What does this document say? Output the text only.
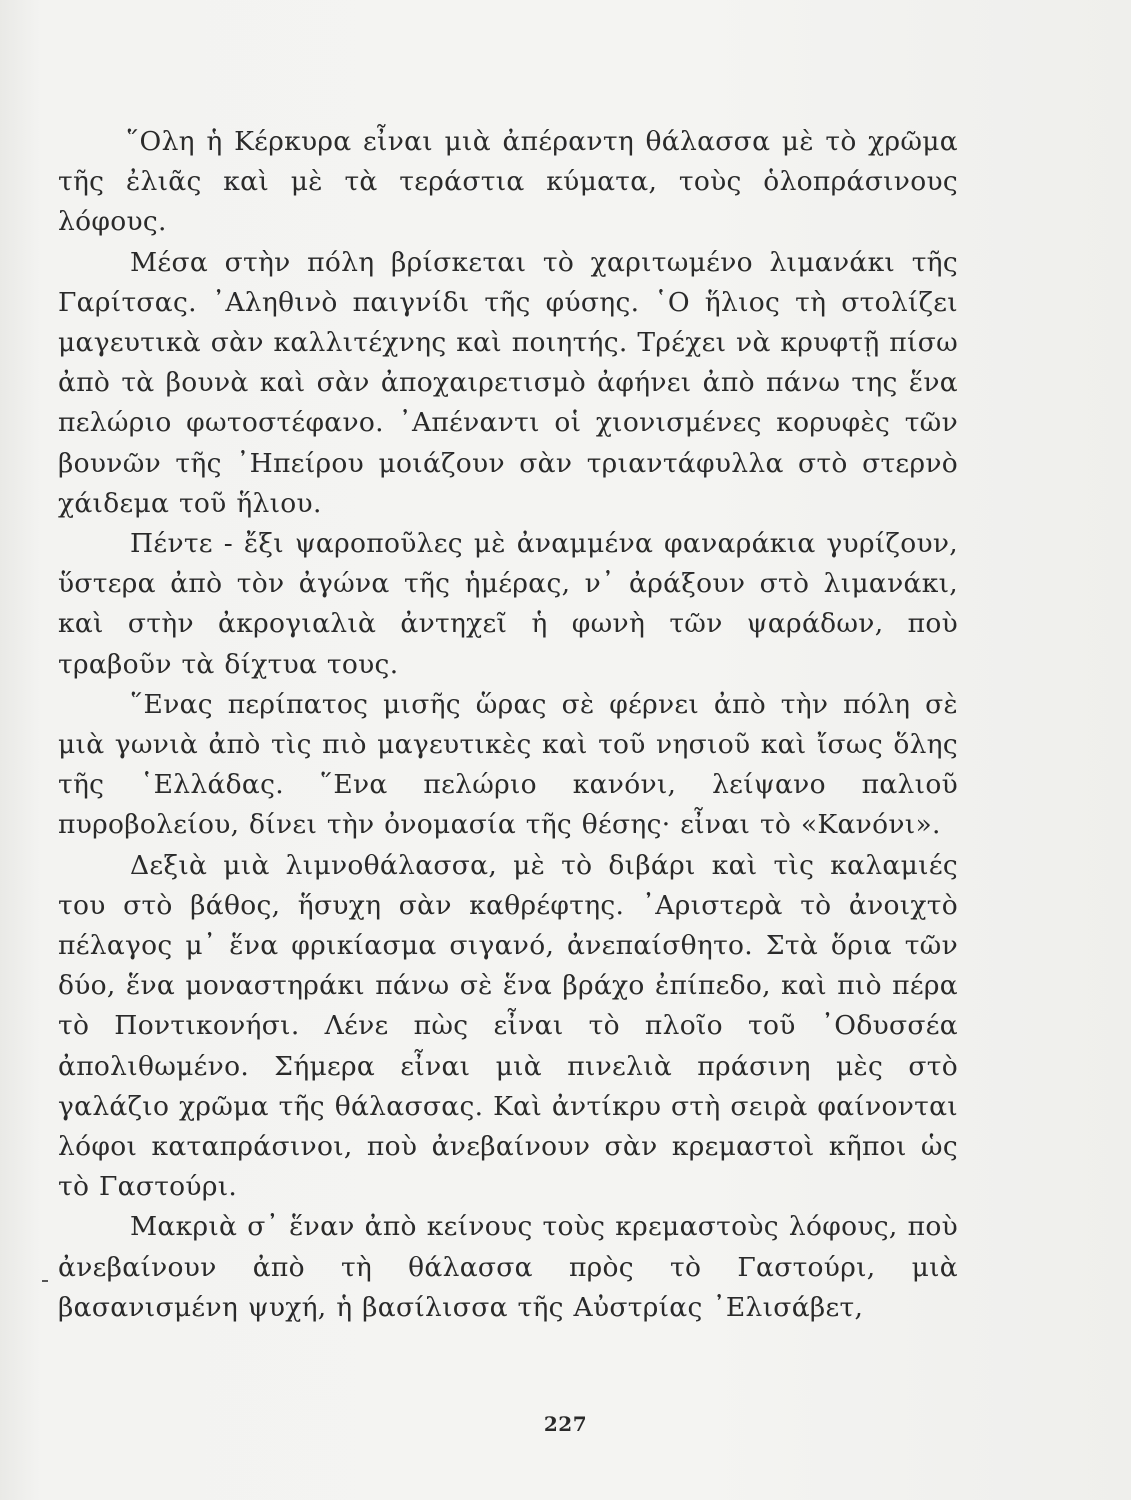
῞Ολη ἡ Κέρκυρα εἶναι μιὰ ἀπέραντη θάλασσα μὲ τὸ χρῶμα τῆς ἐλιᾶς καὶ μὲ τὰ τεράστια κύματα, τοὺς ὁλοπράσινους λόφους.

Μέσα στὴν πόλη βρίσκεται τὸ χαριτωμένο λιμανάκι τῆς Γαρίτσας. ᾿Αληθινὸ παιγνίδι τῆς φύσης. ῾Ο ἥλιος τὴ στολίζει μαγευτικὰ σὰν καλλιτέχνης καὶ ποιητής. Τρέχει νὰ κρυφτῇ πίσω ἀπὸ τὰ βουνὰ καὶ σὰν ἀποχαιρετισμὸ ἀφήνει ἀπὸ πάνω της ἕνα πελώριο φωτοστέφανο. ᾿Απέναντι οἱ χιονισμένες κορυφὲς τῶν βουνῶν τῆς ᾿Ηπείρου μοιάζουν σὰν τριαντάφυλλα στὸ στερνὸ χάιδεμα τοῦ ἥλιου.

Πέντε - ἔξι ψαροποῦλες μὲ ἀναμμένα φαναράκια γυρίζουν, ὕστερα ἀπὸ τὸν ἀγώνα τῆς ἡμέρας, ν᾿ ἀράξουν στὸ λιμανάκι, καὶ στὴν ἀκρογιαλιὰ ἀντηχεῖ ἡ φωνὴ τῶν ψαράδων, ποὺ τραβοῦν τὰ δίχτυα τους.

῞Ενας περίπατος μισῆς ὥρας σὲ φέρνει ἀπὸ τὴν πόλη σὲ μιὰ γωνιὰ ἀπὸ τὶς πιὸ μαγευτικὲς καὶ τοῦ νησιοῦ καὶ ἴσως ὅλης τῆς ῾Ελλάδας. ῞Ενα πελώριο κανόνι, λείψανο παλιοῦ πυροβολείου, δίνει τὴν ὀνομασία τῆς θέσης· εἶναι τὸ «Κανόνι».

Δεξιὰ μιὰ λιμνοθάλασσα, μὲ τὸ διβάρι καὶ τὶς καλαμιές του στὸ βάθος, ἥσυχη σὰν καθρέφτης. ᾿Αριστερὰ τὸ ἀνοιχτὸ πέλαγος μ᾿ ἕνα φρικίασμα σιγανό, ἀνεπαίσθητο. Στὰ ὅρια τῶν δύο, ἕνα μοναστηράκι πάνω σὲ ἕνα βράχο ἐπίπεδο, καὶ πιὸ πέρα τὸ Ποντικονήσι. Λένε πὼς εἶναι τὸ πλοῖο τοῦ ᾿Οδυσσέα ἀπολιθωμένο. Σήμερα εἶναι μιὰ πινελιὰ πράσινη μὲς στὸ γαλάζιο χρῶμα τῆς θάλασσας. Καὶ ἀντίκρυ στὴ σειρὰ φαίνονται λόφοι καταπράσινοι, ποὺ ἀνεβαίνουν σὰν κρεμαστοὶ κῆποι ὡς τὸ Γαστούρι.

Μακριὰ σ᾿ ἕναν ἀπὸ κείνους τοὺς κρεμαστοὺς λόφους, ποὺ ἀνεβαίνουν ἀπὸ τὴ θάλασσα πρὸς τὸ Γαστούρι, μιὰ βασανισμένη ψυχή, ἡ βασίλισσα τῆς Αὐστρίας ᾿Ελισάβετ,

227
